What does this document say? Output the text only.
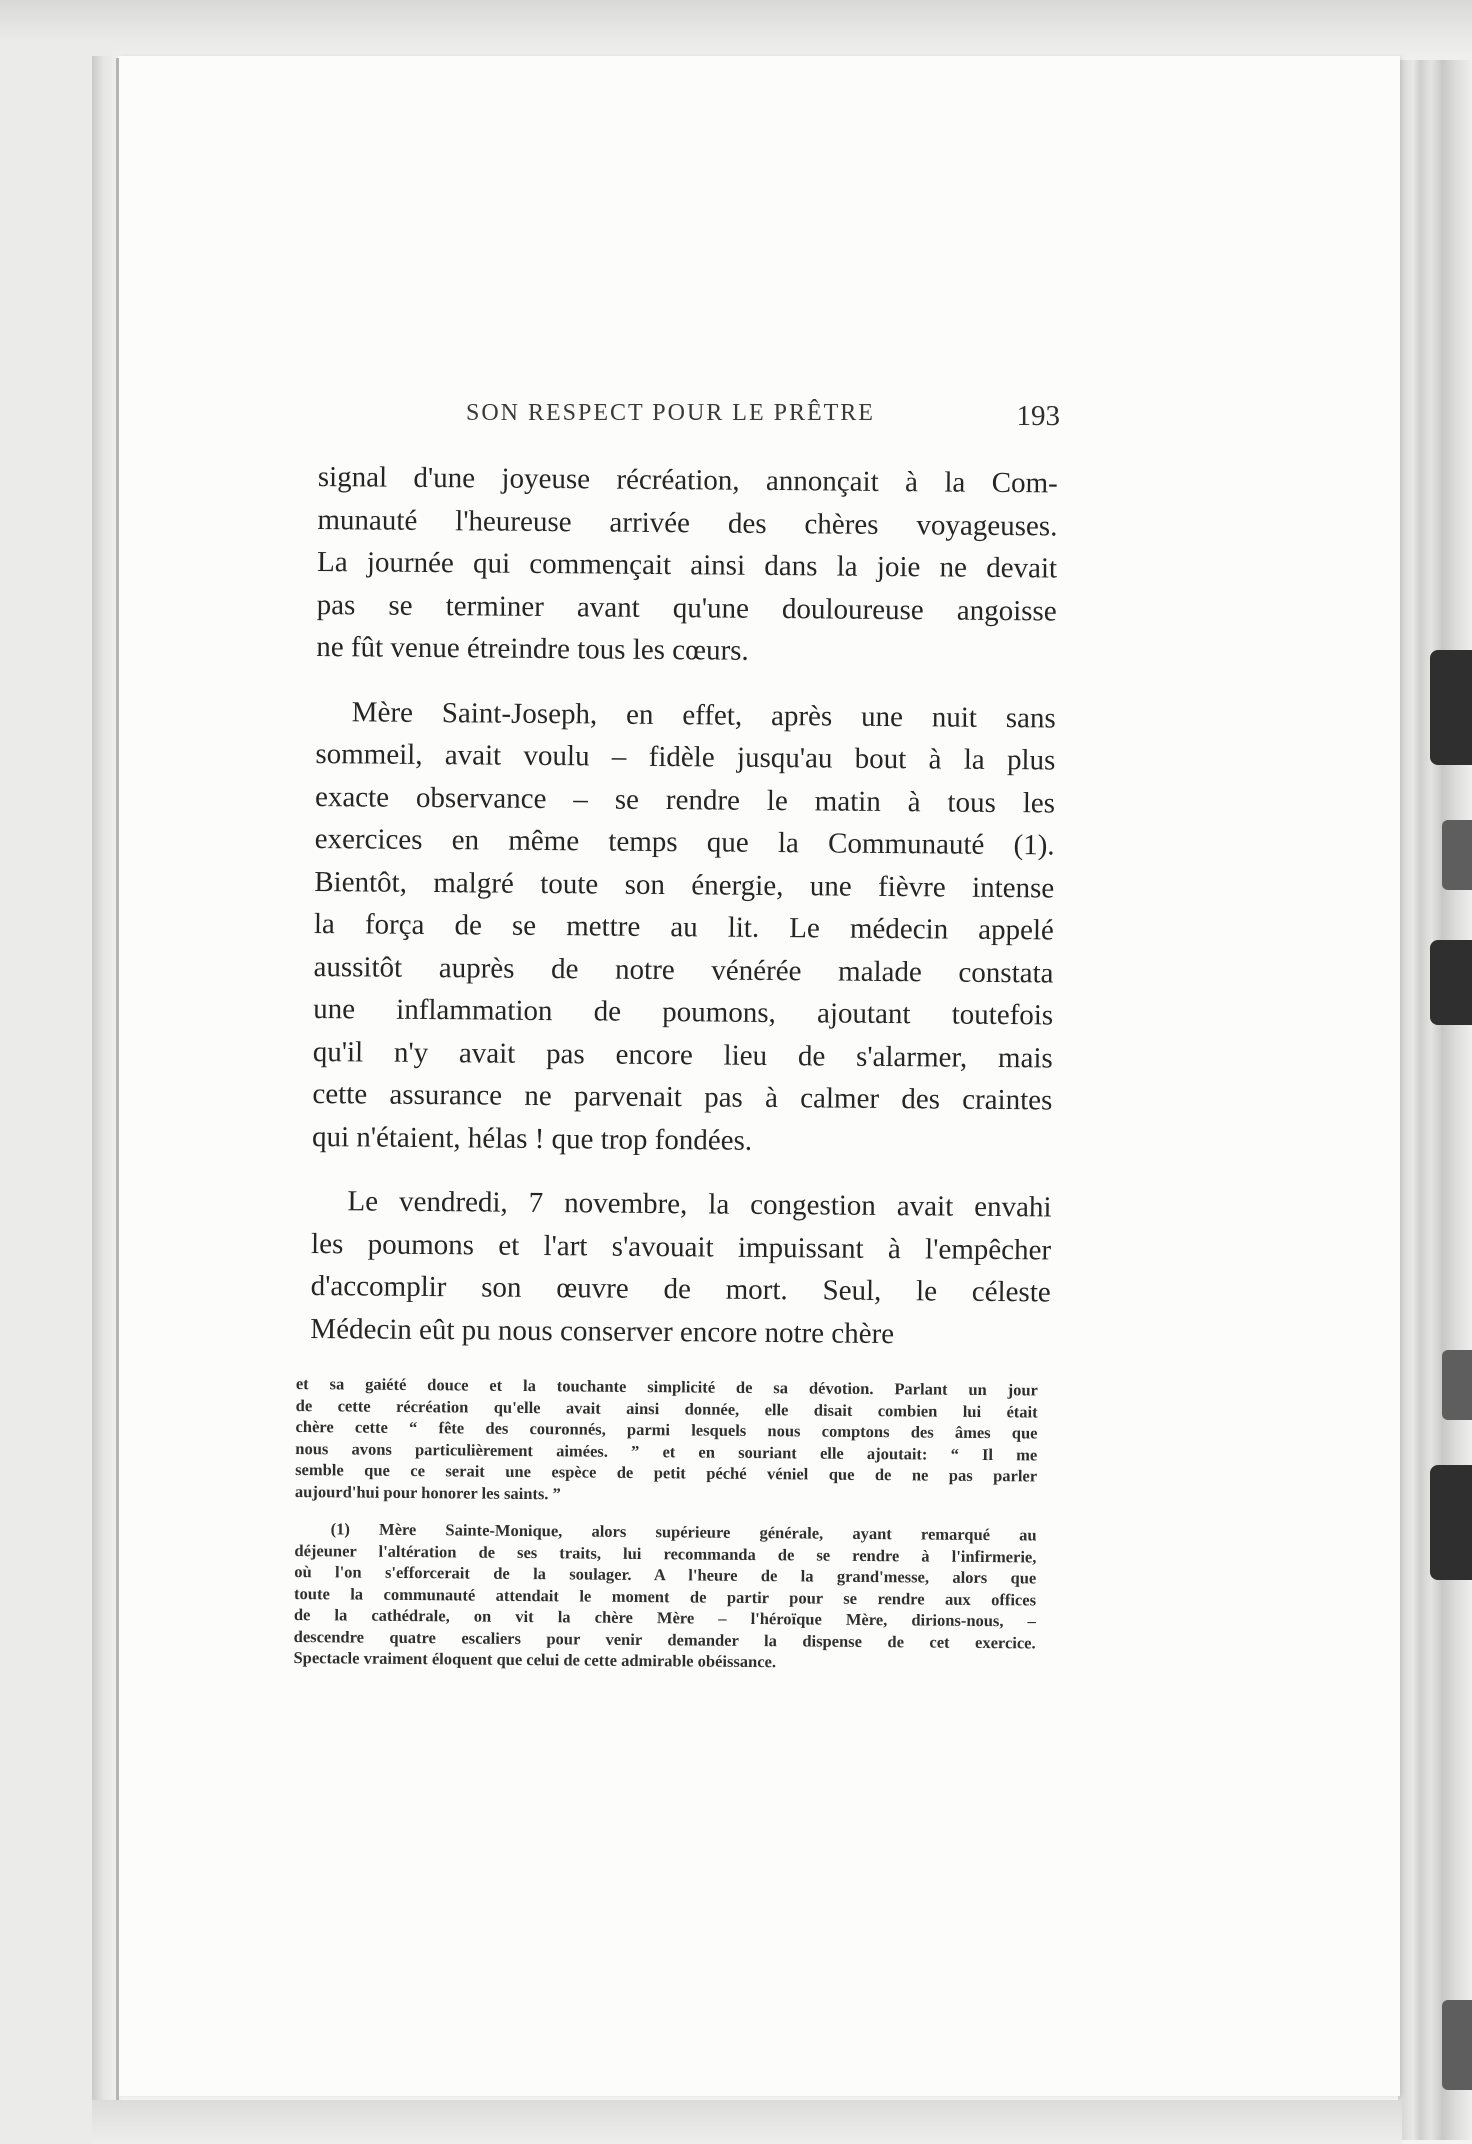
SON RESPECT POUR LE PRÊTRE	193
signal d'une joyeuse récréation, annonçait à la Com-
munauté l'heureuse arrivée des chères voyageuses.
La journée qui commençait ainsi dans la joie ne devait
pas se terminer avant qu'une douloureuse angoisse
ne fût venue étreindre tous les cœurs.
Mère Saint-Joseph, en effet, après une nuit sans
sommeil, avait voulu – fidèle jusqu'au bout à la plus
exacte observance – se rendre le matin à tous les
exercices en même temps que la Communauté (1).
Bientôt, malgré toute son énergie, une fièvre intense
la força de se mettre au lit. Le médecin appelé
aussitôt auprès de notre vénérée malade constata
une inflammation de poumons, ajoutant toutefois
qu'il n'y avait pas encore lieu de s'alarmer, mais
cette assurance ne parvenait pas à calmer des craintes
qui n'étaient, hélas ! que trop fondées.
Le vendredi, 7 novembre, la congestion avait envahi
les poumons et l'art s'avouait impuissant à l'empêcher
d'accomplir son œuvre de mort. Seul, le céleste
Médecin eût pu nous conserver encore notre chère
et sa gaiété douce et la touchante simplicité de sa dévotion. Parlant un jour
de cette récréation qu'elle avait ainsi donnée, elle disait combien lui était
chère cette “ fête des couronnés, parmi lesquels nous comptons des âmes que
nous avons particulièrement aimées. ” et en souriant elle ajoutait: “ Il me
semble que ce serait une espèce de petit péché véniel que de ne pas parler
aujourd'hui pour honorer les saints. ”
(1) Mère Sainte-Monique, alors supérieure générale, ayant remarqué au
déjeuner l'altération de ses traits, lui recommanda de se rendre à l'infirmerie,
où l'on s'efforcerait de la soulager. A l'heure de la grand'messe, alors que
toute la communauté attendait le moment de partir pour se rendre aux offices
de la cathédrale, on vit la chère Mère – l'héroïque Mère, dirions-nous, –
descendre quatre escaliers pour venir demander la dispense de cet exercice.
Spectacle vraiment éloquent que celui de cette admirable obéissance.
